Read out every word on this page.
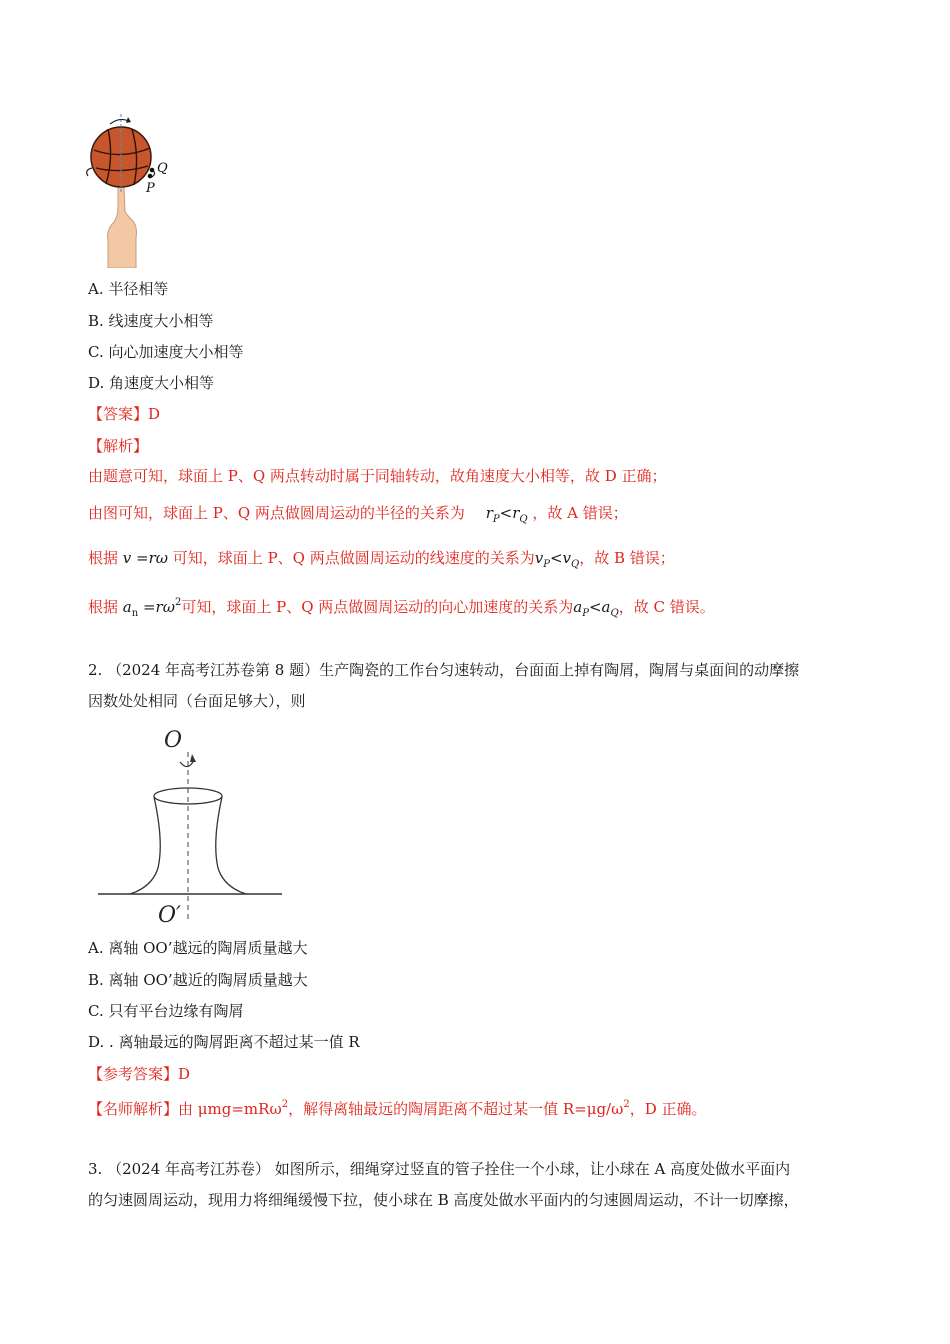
Q
P
A. 半径相等
B. 线速度大小相等
C. 向心加速度大小相等
D. 角速度大小相等
【答案】D
【解析】
由题意可知，球面上 P、Q 两点转动时属于同轴转动，故角速度大小相等，故 D 正确；
由图可知，球面上 P、Q 两点做圆周运动的半径的关系为 $r_P<r_Q$ ，故 A 错误；
根据 v =rω 可知，球面上 P、Q 两点做圆周运动的线速度的关系为$v_P<v_Q$，故 B 错误；
根据 $a_n =r\omega^2$可知，球面上 P、Q 两点做圆周运动的向心加速度的关系为$a_P<a_Q$，故 C 错误。
2. （2024 年高考江苏卷第 8 题）生产陶瓷的工作台匀速转动，台面面上掉有陶屑，陶屑与桌面间的动摩擦
因数处处相同（台面足够大），则
O
O′
A. 离轴 OO’越远的陶屑质量越大
B. 离轴 OO’越近的陶屑质量越大
C. 只有平台边缘有陶屑
D. . 离轴最远的陶屑距离不超过某一值 R
【参考答案】D
【名师解析】由 μmg=mRω$^2$，解得离轴最远的陶屑距离不超过某一值 $R=\mu g/\omega^2$，D 正确。
3. （2024 年高考江苏卷） 如图所示，细绳穿过竖直的管子拴住一个小球，让小球在 A 高度处做水平面内
的匀速圆周运动，现用力将细绳缓慢下拉，使小球在 B 高度处做水平面内的匀速圆周运动，不计一切摩擦，
